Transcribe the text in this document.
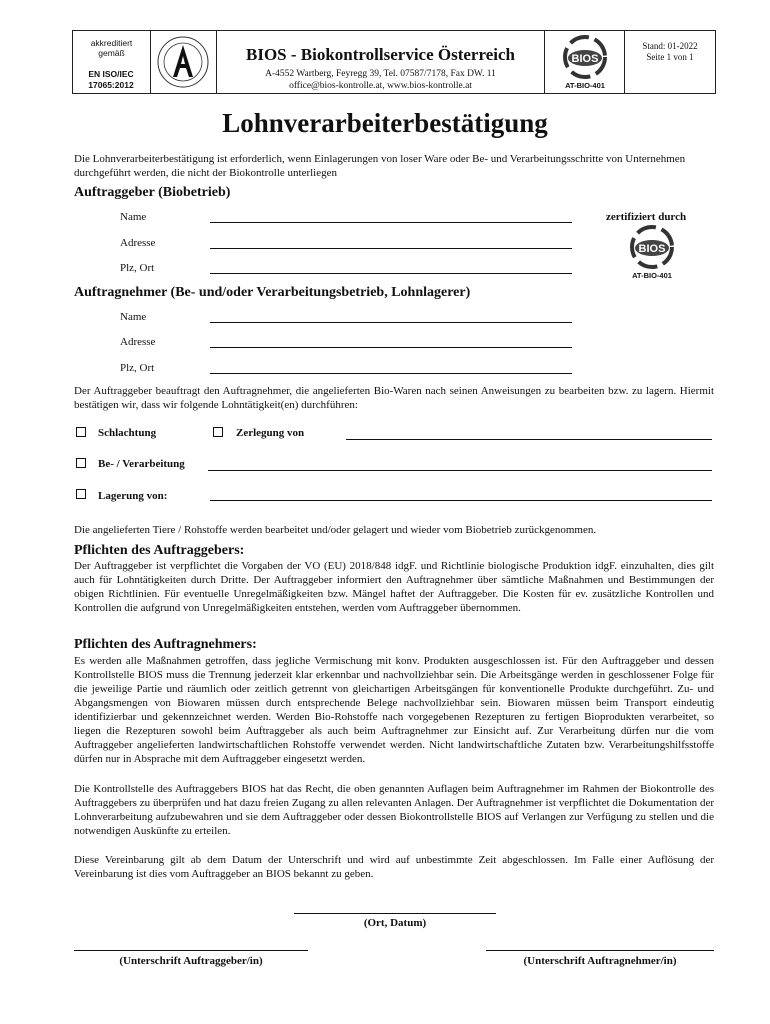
akkreditiert gemäß
EN ISO/IEC
17065:2012
BIOS - Biokontrollservice Österreich
A-4552 Wartberg, Feyregg 39, Tel. 07587/7178, Fax DW. 11
office@bios-kontrolle.at, www.bios-kontrolle.at
BIOS
AT-BIO-401
Stand: 01-2022
Seite 1 von 1
Lohnverarbeiterbestätigung
Die Lohnverarbeiterbestätigung ist erforderlich, wenn Einlagerungen von loser Ware oder Be- und Verarbeitungsschritte von Unternehmen durchgeführt werden, die nicht der Biokontrolle unterliegen
Auftraggeber (Biobetrieb)
Name
Adresse
Plz, Ort
zertifiziert durch
BIOS
AT-BIO-401
Auftragnehmer (Be- und/oder Verarbeitungsbetrieb, Lohnlagerer)
Name
Adresse
Plz, Ort
Der Auftraggeber beauftragt den Auftragnehmer, die angelieferten Bio-Waren nach seinen Anweisungen zu bearbeiten bzw. zu lagern. Hiermit bestätigen wir, dass wir folgende Lohntätigkeit(en) durchführen:
Schlachtung	Zerlegung von
Be- / Verarbeitung
Lagerung von:
Die angelieferten Tiere / Rohstoffe werden bearbeitet und/oder gelagert und wieder vom Biobetrieb zurückgenommen.
Pflichten des Auftraggebers:
Der Auftraggeber ist verpflichtet die Vorgaben der VO (EU) 2018/848 idgF. und Richtlinie biologische Produktion idgF. einzuhalten, dies gilt auch für Lohntätigkeiten durch Dritte. Der Auftraggeber informiert den Auftragnehmer über sämtliche Maßnahmen und Bestimmungen der obigen Richtlinien. Für eventuelle Unregelmäßigkeiten bzw. Mängel haftet der Auftraggeber. Die Kosten für ev. zusätzliche Kontrollen und Kontrollen die aufgrund von Unregelmäßigkeiten entstehen, werden vom Auftraggeber übernommen.
Pflichten des Auftragnehmers:
Es werden alle Maßnahmen getroffen, dass jegliche Vermischung mit konv. Produkten ausgeschlossen ist. Für den Auftraggeber und dessen Kontrollstelle BIOS muss die Trennung jederzeit klar erkennbar und nachvollziehbar sein. Die Arbeitsgänge werden in geschlossener Folge für die jeweilige Partie und räumlich oder zeitlich getrennt von gleichartigen Arbeitsgängen für konventionelle Produkte durchgeführt. Zu- und Abgangsmengen von Biowaren müssen durch entsprechende Belege nachvollziehbar sein. Biowaren müssen beim Transport eindeutig identifizierbar und gekennzeichnet werden. Werden Bio-Rohstoffe nach vorgegebenen Rezepturen zu fertigen Bioprodukten verarbeitet, so liegen die Rezepturen sowohl beim Auftraggeber als auch beim Auftragnehmer zur Einsicht auf. Zur Verarbeitung dürfen nur die vom Auftraggeber angelieferten landwirtschaftlichen Rohstoffe verwendet werden. Nicht landwirtschaftliche Zutaten bzw. Verarbeitungshilfsstoffe dürfen nur in Absprache mit dem Auftraggeber eingesetzt werden.
Die Kontrollstelle des Auftraggebers BIOS hat das Recht, die oben genannten Auflagen beim Auftragnehmer im Rahmen der Biokontrolle des Auftraggebers zu überprüfen und hat dazu freien Zugang zu allen relevanten Anlagen. Der Auftragnehmer ist verpflichtet die Dokumentation der Lohnverarbeitung aufzubewahren und sie dem Auftraggeber oder dessen Biokontrollstelle BIOS auf Verlangen zur Verfügung zu stellen und die notwendigen Auskünfte zu erteilen.
Diese Vereinbarung gilt ab dem Datum der Unterschrift und wird auf unbestimmte Zeit abgeschlossen. Im Falle einer Auflösung der Vereinbarung ist dies vom Auftraggeber an BIOS bekannt zu geben.
(Ort, Datum)
(Unterschrift Auftraggeber/in)	(Unterschrift Auftragnehmer/in)
